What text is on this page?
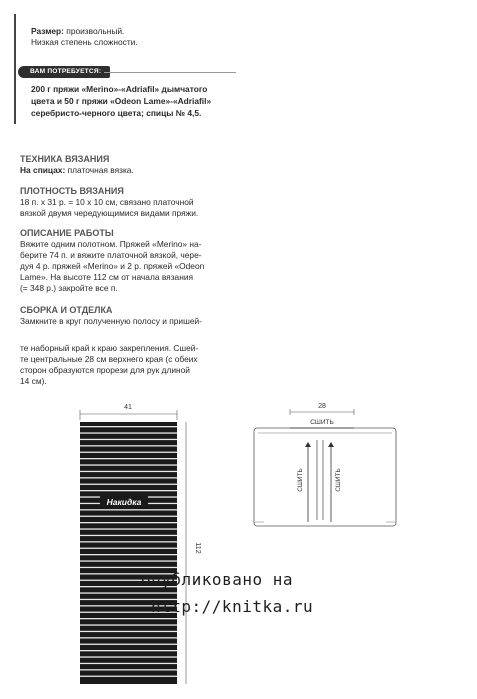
Размер: произвольный.
Низкая степень сложности.
ВАМ ПОТРЕБУЕТСЯ:
200 г пряжи «Merino»-«Adriafil» дымчатого
цвета и 50 г пряжи «Odeon Lame»-«Adriafil»
серебристо-черного цвета; спицы № 4,5.
ТЕХНИКА ВЯЗАНИЯ
На спицах: платочная вязка.
ПЛОТНОСТЬ ВЯЗАНИЯ
18 п. х 31 р. = 10 х 10 см, связано платочной
вязкой двумя чередующимися видами пряжи.
ОПИСАНИЕ РАБОТЫ
Вяжите одним полотном. Пряжей «Merino» на-
берите 74 п. и вяжите платочной вязкой, чере-
дуя 4 р. пряжей «Merino» и 2 р. пряжей «Odeon
Lame». На высоте 112 см от начала вязания
(= 348 р.) закройте все п.
СБОРКА И ОТДЕЛКА
Замкните в круг полученную полосу и пришей-
те наборный край к краю закрепления. Сшей-
те центральные 28 см верхнего края (с обеих
сторон образуются прорези для рук длиной
14 см).
41
112
Накидка
28
СШИТЬ
СШИТЬ	СШИТЬ
опубликовано на
http://knitka.ru
